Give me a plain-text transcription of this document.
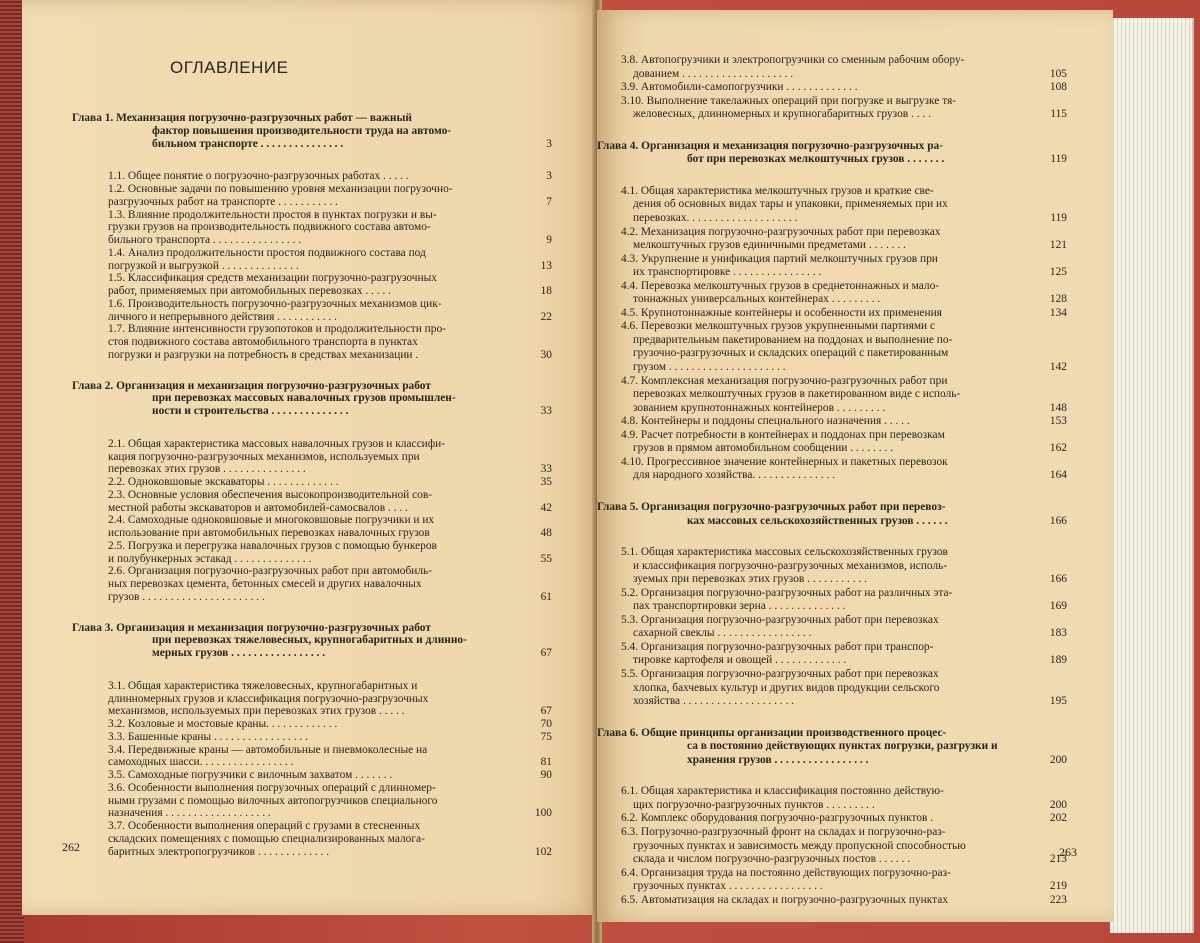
ОГЛАВЛЕНИЕ
Глава 1. Механизация погрузочно-разгрузочных работ — важный
фактор повышения производительности труда на автомо-
бильном транспорте . . . . . . . . . . . . . . .	3
1.1. Общее понятие о погрузочно-разгрузочных работах . . . . .	3
1.2. Основные задачи по повышению уровня механизации погрузочно-
разгрузочных работ на транспорте . . . . . . . . . . .	7
1.3. Влияние продолжительности простоя в пунктах погрузки и вы-
грузки грузов на производительность подвижного состава автомо-
бильного транспорта . . . . . . . . . . . . . . . .	9
1.4. Анализ продолжительности простоя подвижного состава под
погрузкой и выгрузкой . . . . . . . . . . . . . .	13
1.5. Классификация средств механизации погрузочно-разгрузочных
работ, применяемых при автомобильных перевозках . . . . .	18
1.6. Производительность погрузочно-разгрузочных механизмов цик-
личного и непрерывного действия . . . . . . . . . . .	22
1.7. Влияние интенсивности грузопотоков и продолжительности про-
стоя подвижного состава автомобильного транспорта в пунктах
погрузки и разгрузки на потребность в средствах механизации .	30
Глава 2. Организация и механизация погрузочно-разгрузочных работ
при перевозках массовых навалочных грузов промышлен-
ности и строительства . . . . . . . . . . . . . .	33
2.1. Общая характеристика массовых навалочных грузов и классифи-
кация погрузочно-разгрузочных механизмов, используемых при
перевозках этих грузов . . . . . . . . . . . . . . .	33
2.2. Одноковшовые экскаваторы . . . . . . . . . . . . .	35
2.3. Основные условия обеспечения высокопроизводительной сов-
местной работы экскаваторов и автомобилей-самосвалов . . . .	42
2.4. Самоходные одноковшовые и многоковшовые погрузчики и их
использование при автомобильных перевозках навалочных грузов	48
2.5. Погрузка и перегрузка навалочных грузов с помощью бункеров
и полубункерных эстакад . . . . . . . . . . . . . .	55
2.6. Организация погрузочно-разгрузочных работ при автомобиль-
ных перевозках цемента, бетонных смесей и других навалочных
грузов . . . . . . . . . . . . . . . . . . . . . .	61
Глава 3. Организация и механизация погрузочно-разгрузочных работ
при перевозках тяжеловесных, крупногабаритных и длинно-
мерных грузов . . . . . . . . . . . . . . . . .	67
3.1. Общая характеристика тяжеловесных, крупногабаритных и
длинномерных грузов и классификация погрузочно-разгрузочных
механизмов, используемых при перевозках этих грузов . . . . .	67
3.2. Козловые и мостовые краны. . . . . . . . . . . . .	70
3.3. Башенные краны . . . . . . . . . . . . . . . . .	75
3.4. Передвижные краны — автомобильные и пневмоколесные на
самоходных шасси. . . . . . . . . . . . . . . . .	81
3.5. Самоходные погрузчики с вилочным захватом . . . . . . .	90
3.6. Особенности выполнения погрузочных операций с длинномер-
ными грузами с помощью вилочных автопогрузчиков специального
назначения . . . . . . . . . . . . . . . . . . .	100
3.7. Особенности выполнения операций с грузами в стесненных
складских помещениях с помощью специализированных малога-
баритных электропогрузчиков . . . . . . . . . . . . .	102
262
3.8. Автопогрузчики и электропогрузчики со сменным рабочим обору-
дованием . . . . . . . . . . . . . . . . . . . .	105
3.9. Автомобили-самопогрузчики . . . . . . . . . . . . .	108
3.10. Выполнение такелажных операций при погрузке и выгрузке тя-
желовесных, длинномерных и крупногабаритных грузов . . . .	115
Глава 4. Организация и механизация погрузочно-разгрузочных ра-
бот при перевозках мелкоштучных грузов . . . . . . .	119
4.1. Общая характеристика мелкоштучных грузов и краткие све-
дения об основных видах тары и упаковки, применяемых при их
перевозках. . . . . . . . . . . . . . . . . . . .	119
4.2. Механизация погрузочно-разгрузочных работ при перевозках
мелкоштучных грузов единичными предметами . . . . . . .	121
4.3. Укрупнение и унификация партий мелкоштучных грузов при
их транспортировке . . . . . . . . . . . . . . . .	125
4.4. Перевозка мелкоштучных грузов в среднетоннажных и мало-
тоннажных универсальных контейнерах . . . . . . . . .	128
4.5. Крупнотоннажные контейнеры и особенности их применения	134
4.6. Перевозки мелкоштучных грузов укрупненными партиями с
предварительным пакетированием на поддонах и выполнение по-
грузочно-разгрузочных и складских операций с пакетированным
грузом . . . . . . . . . . . . . . . . . . . . .	142
4.7. Комплексная механизация погрузочно-разгрузочных работ при
перевозках мелкоштучных грузов в пакетированном виде с исполь-
зованием крупнотоннажных контейнеров . . . . . . . . .	148
4.8. Контейнеры и поддоны специального назначения . . . . .	153
4.9. Расчет потребности в контейнерах и поддонах при перевозкам
грузов в прямом автомобильном сообщении . . . . . . . .	162
4.10. Прогрессивное значение контейнерных и пакетных перевозок
для народного хозяйства. . . . . . . . . . . . . . .	164
Глава 5. Организация погрузочно-разгрузочных работ при перевоз-
ках массовых сельскохозяйственных грузов . . . . . .	166
5.1. Общая характеристика массовых сельскохозяйственных грузов
и классификация погрузочно-разгрузочных механизмов, исполь-
зуемых при перевозках этих грузов . . . . . . . . . . .	166
5.2. Организация погрузочно-разгрузочных работ на различных эта-
пах транспортировки зерна . . . . . . . . . . . . . .	169
5.3. Организация погрузочно-разгрузочных работ при перевозках
сахарной свеклы . . . . . . . . . . . . . . . . .	183
5.4. Организация погрузочно-разгрузочных работ при транспор-
тировке картофеля и овощей . . . . . . . . . . . . .	189
5.5. Организация погрузочно-разгрузочных работ при перевозках
хлопка, бахчевых культур и других видов продукции сельского
хозяйства . . . . . . . . . . . . . . . . . . . .	195
Глава 6. Общие принципы организации производственного процес-
са в постоянно действующих пунктах погрузки, разгрузки и
хранения грузов . . . . . . . . . . . . . . . . .	200
6.1. Общая характеристика и классификация постоянно действую-
щих погрузочно-разгрузочных пунктов . . . . . . . . .	200
6.2. Комплекс оборудования погрузочно-разгрузочных пунктов .	202
6.3. Погрузочно-разгрузочный фронт на складах и погрузочно-раз-
грузочных пунктах и зависимость между пропускной способностью
склада и числом погрузочно-разгрузочных постов . . . . . .	213
6.4. Организация труда на постоянно действующих погрузочно-раз-
грузочных пунктах . . . . . . . . . . . . . . . . .	219
6.5. Автоматизация на складах и погрузочно-разгрузочных пунктах	223
263
